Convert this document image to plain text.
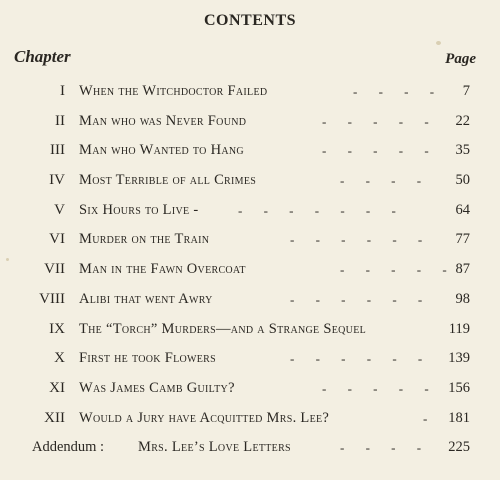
CONTENTS
Chapter	Page
I When the Witchdoctor Failed	- - - - 7
II Man who was Never Found	- - - - - 22
III Man who Wanted to Hang	- - - - - 35
IV Most Terrible of all Crimes	- - - - 50
V Six Hours to Live -	- - - - - - -	64
VI Murder on the Train	- - - - - - 77
VII Man in the Fawn Overcoat	- - - - - 87
VIII Alibi that went Awry	- - - - - - 98
IX The “Torch” Murders—and a Strange Sequel	119
X First he took Flowers	- - - - - - 139
XI Was James Camb Guilty?	- - - - - 156
XII Would a Jury have Acquitted Mrs. Lee?	- 181
Addendum : Mrs. Lee’s Love Letters	- - - - 225
